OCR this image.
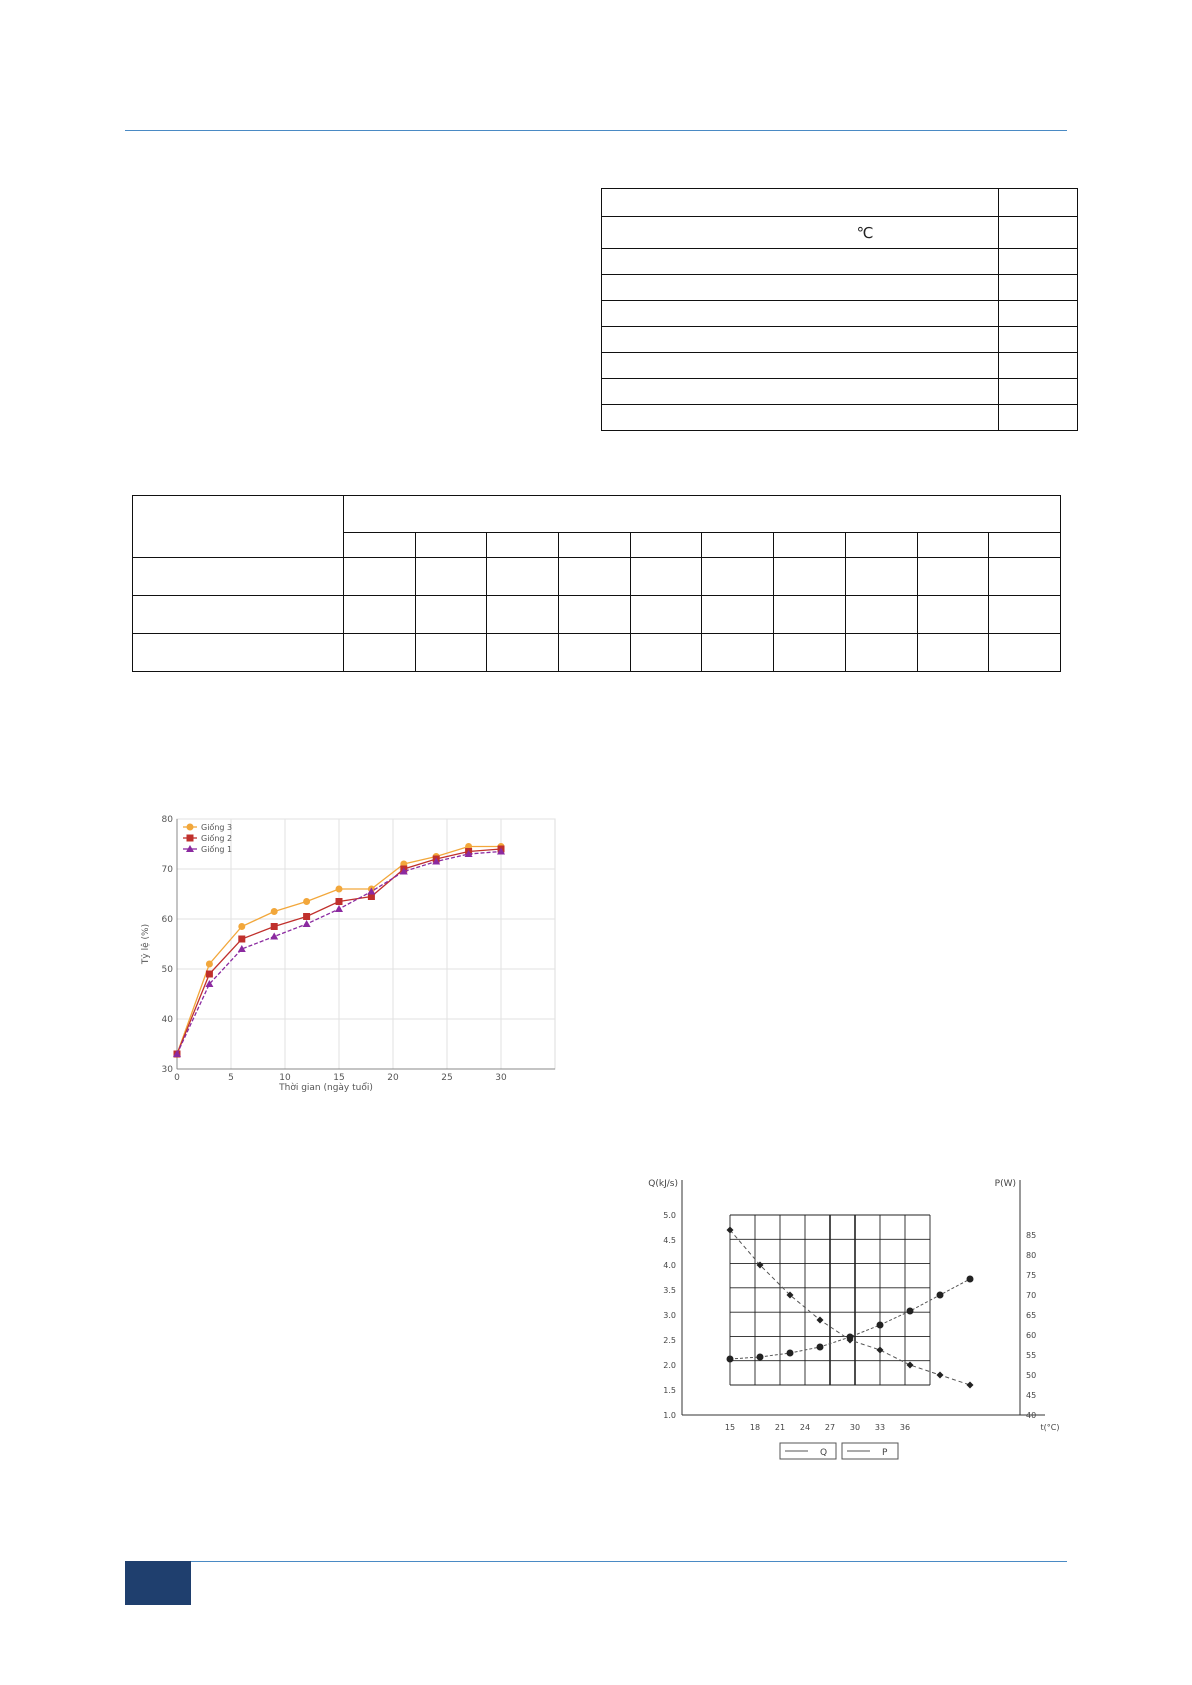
℃	

0	5	10	15	20	25	30
30
40
50
60
70
80
Thời gian (ngày tuổi)
Tỷ lệ (%)
Giống 3
Giống 2
Giống 1
Q(kJ/s)	P(W)
t(°C)
1.0
1.5
2.0
2.5
3.0
3.5
4.0
4.5
5.0
40
45
50
55
60
65
70
75
80
85
15 18 21 24 27 30 33 36
Q	P
